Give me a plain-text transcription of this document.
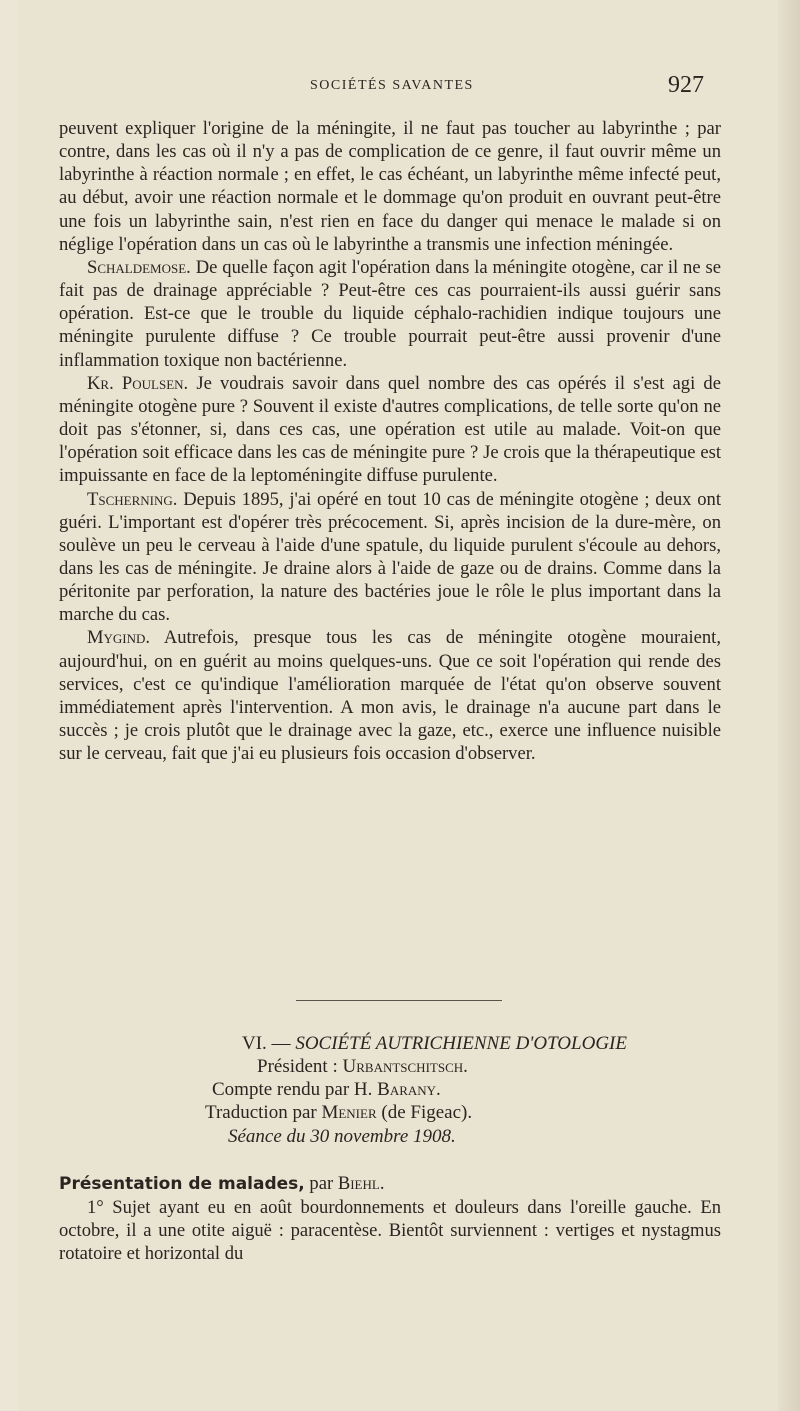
SOCIÉTÉS SAVANTES	927

peuvent expliquer l'origine de la méningite, il ne faut pas toucher au labyrinthe ; par contre, dans les cas où il n'y a pas de complication de ce genre, il faut ouvrir même un labyrinthe à réaction normale ; en effet, le cas échéant, un labyrinthe même infecté peut, au début, avoir une réaction normale et le dommage qu'on produit en ouvrant peut-être une fois un labyrinthe sain, n'est rien en face du danger qui menace le malade si on néglige l'opération dans un cas où le labyrinthe a transmis une infection méningée.

Schaldemose. De quelle façon agit l'opération dans la méningite otogène, car il ne se fait pas de drainage appréciable ? Peut-être ces cas pourraient-ils aussi guérir sans opération. Est-ce que le trouble du liquide céphalo-rachidien indique toujours une méningite purulente diffuse ? Ce trouble pourrait peut-être aussi provenir d'une inflammation toxique non bactérienne.

Kr. Poulsen. Je voudrais savoir dans quel nombre des cas opérés il s'est agi de méningite otogène pure ? Souvent il existe d'autres complications, de telle sorte qu'on ne doit pas s'étonner, si, dans ces cas, une opération est utile au malade. Voit-on que l'opération soit efficace dans les cas de méningite pure ? Je crois que la thérapeutique est impuissante en face de la leptoméningite diffuse purulente.

Tscherning. Depuis 1895, j'ai opéré en tout 10 cas de méningite otogène ; deux ont guéri. L'important est d'opérer très précocement. Si, après incision de la dure-mère, on soulève un peu le cerveau à l'aide d'une spatule, du liquide purulent s'écoule au dehors, dans les cas de méningite. Je draine alors à l'aide de gaze ou de drains. Comme dans la péritonite par perforation, la nature des bactéries joue le rôle le plus important dans la marche du cas.

Mygind. Autrefois, presque tous les cas de méningite otogène mouraient, aujourd'hui, on en guérit au moins quelques-uns. Que ce soit l'opération qui rende des services, c'est ce qu'indique l'amélioration marquée de l'état qu'on observe souvent immédiatement après l'intervention. A mon avis, le drainage n'a aucune part dans le succès ; je crois plutôt que le drainage avec la gaze, etc., exerce une influence nuisible sur le cerveau, fait que j'ai eu plusieurs fois occasion d'observer.

VI. — SOCIÉTÉ AUTRICHIENNE D'OTOLOGIE
Président : Urbantschitsch.
Compte rendu par H. Barany.
Traduction par Menier (de Figeac).
Séance du 30 novembre 1908.

Présentation de malades, par Biehl.

1° Sujet ayant eu en août bourdonnements et douleurs dans l'oreille gauche. En octobre, il a une otite aiguë : paracentèse. Bientôt surviennent : vertiges et nystagmus rotatoire et horizontal du
